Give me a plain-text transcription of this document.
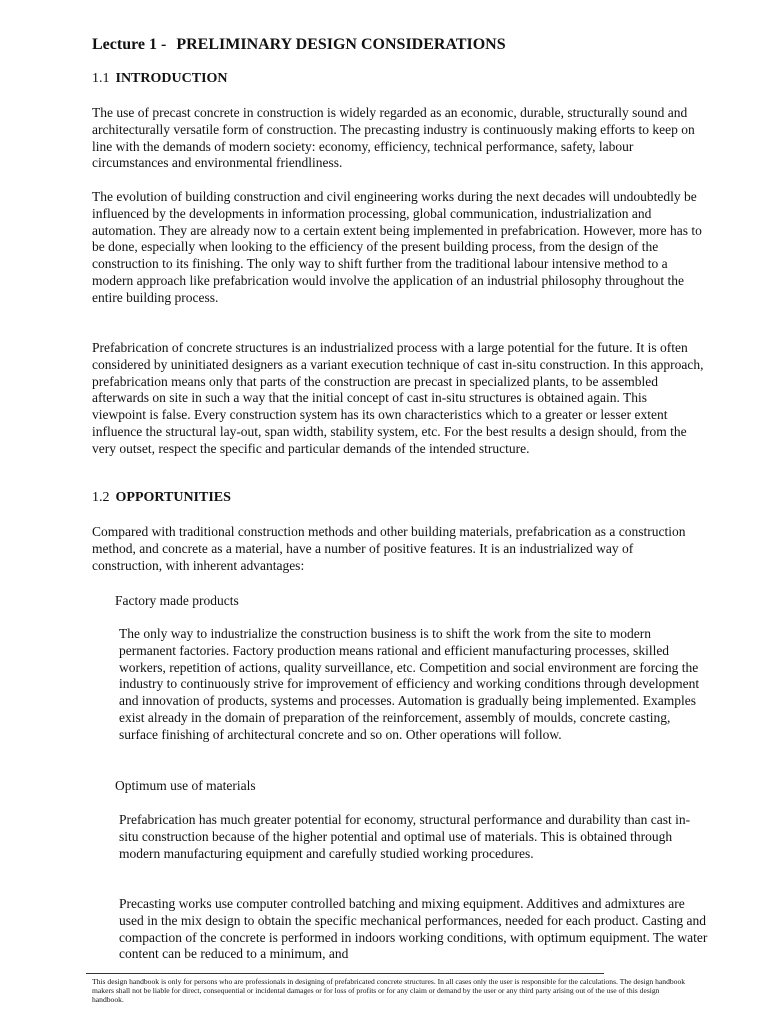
Lecture 1 - PRELIMINARY DESIGN CONSIDERATIONS
1.1 INTRODUCTION

The use of precast concrete in construction is widely regarded as an economic, durable, structurally sound and architecturally versatile form of construction. The precasting industry is continuously making efforts to keep on line with the demands of modern society: economy, efficiency, technical performance, safety, labour circumstances and environmental friendliness.

The evolution of building construction and civil engineering works during the next decades will undoubtedly be influenced by the developments in information processing, global communication, industrialization and automation. They are already now to a certain extent being implemented in prefabrication. However, more has to be done, especially when looking to the efficiency of the present building process, from the design of the construction to its finishing. The only way to shift further from the traditional labour intensive method to a modern approach like prefabrication would involve the application of an industrial philosophy throughout the entire building process.

Prefabrication of concrete structures is an industrialized process with a large potential for the future. It is often considered by uninitiated designers as a variant execution technique of cast in-situ construction. In this approach, prefabrication means only that parts of the construction are precast in specialized plants, to be assembled afterwards on site in such a way that the initial concept of cast in-situ structures is obtained again. This viewpoint is false. Every construction system has its own characteristics which to a greater or lesser extent influence the structural lay-out, span width, stability system, etc. For the best results a design should, from the very outset, respect the specific and particular demands of the intended structure.

1.2 OPPORTUNITIES

Compared with traditional construction methods and other building materials, prefabrication as a construction method, and concrete as a material, have a number of positive features. It is an industrialized way of construction, with inherent advantages:

Factory made products

The only way to industrialize the construction business is to shift the work from the site to modern permanent factories. Factory production means rational and efficient manufacturing processes, skilled workers, repetition of actions, quality surveillance, etc. Competition and social environment are forcing the industry to continuously strive for improvement of efficiency and working conditions through development and innovation of products, systems and processes. Automation is gradually being implemented. Examples exist already in the domain of preparation of the reinforcement, assembly of moulds, concrete casting, surface finishing of architectural concrete and so on. Other operations will follow.

Optimum use of materials

Prefabrication has much greater potential for economy, structural performance and durability than cast in-situ construction because of the higher potential and optimal use of materials. This is obtained through modern manufacturing equipment and carefully studied working procedures.

Precasting works use computer controlled batching and mixing equipment. Additives and admixtures are used in the mix design to obtain the specific mechanical performances, needed for each product. Casting and compaction of the concrete is performed in indoors working conditions, with optimum equipment. The water content can be reduced to a minimum, and

This design handbook is only for persons who are professionals in designing of prefabricated concrete structures. In all cases only the user is responsible for the calculations. The design handbook makers shall not be liable for direct, consequential or incidental damages or for loss of profits or for any claim or demand by the user or any third party arising out of the use of this design handbook.
